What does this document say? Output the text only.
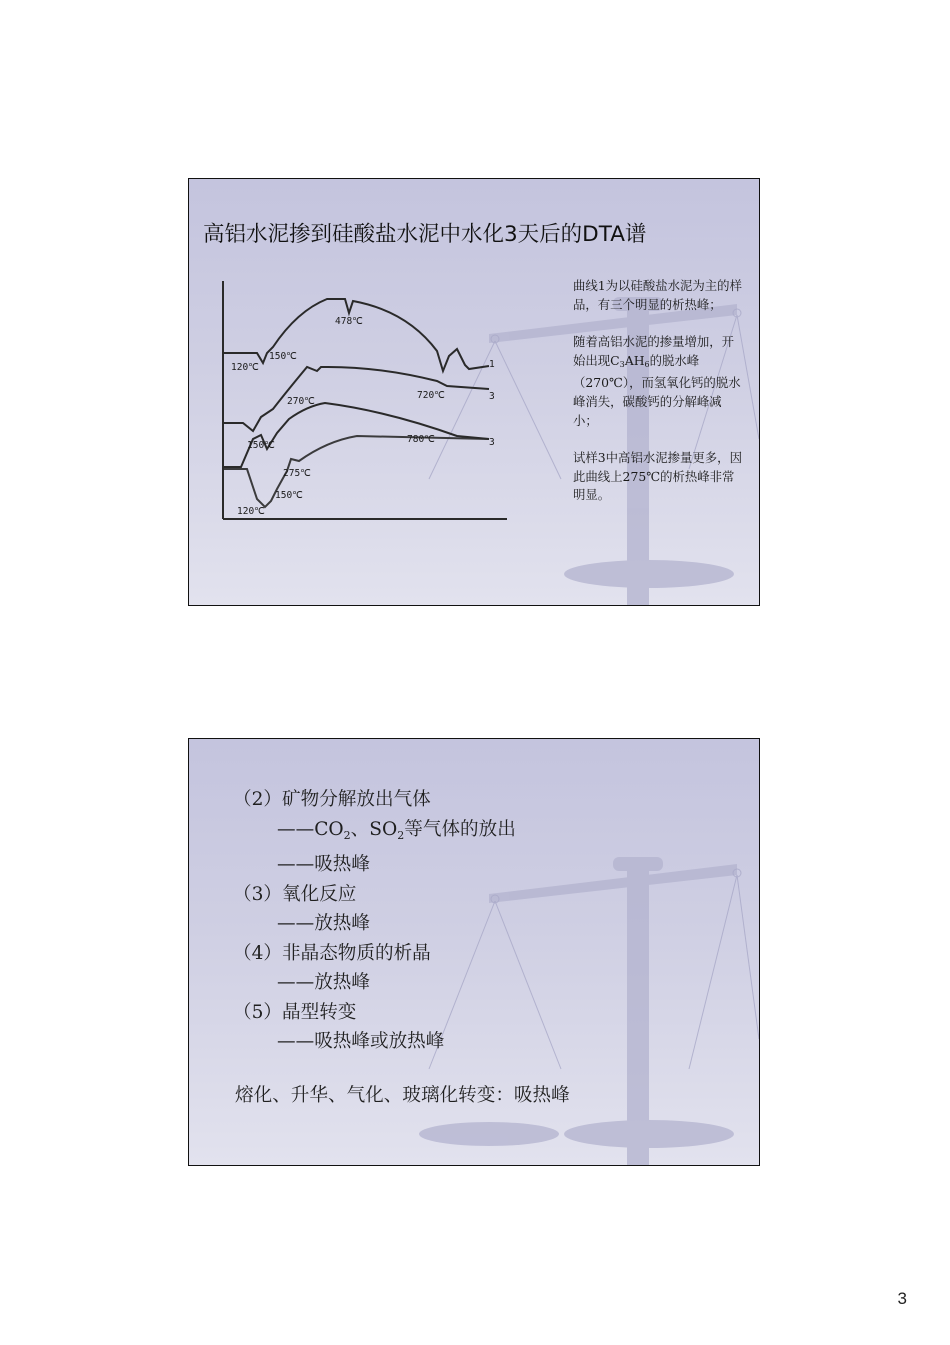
高铝水泥掺到硅酸盐水泥中水化3天后的DTA谱
478℃
120℃
150℃
720℃
270℃
150℃
780℃
275℃
150℃
120℃
1
3
3

曲线1为以硅酸盐水泥为主的样品，有三个明显的析热峰；

随着高铝水泥的掺量增加，开始出现$C_3AH_6$的脱水峰（270℃），而氢氧化钙的脱水峰消失，碳酸钙的分解峰减小；

试样3中高铝水泥掺量更多，因此曲线上275℃的析热峰非常明显。

（2）矿物分解放出气体
$——CO_2$、$SO_2$等气体的放出
——吸热峰
（3）氧化反应
——放热峰
（4）非晶态物质的析晶
——放热峰
（5）晶型转变
——吸热峰或放热峰
熔化、升华、气化、玻璃化转变：吸热峰
3
